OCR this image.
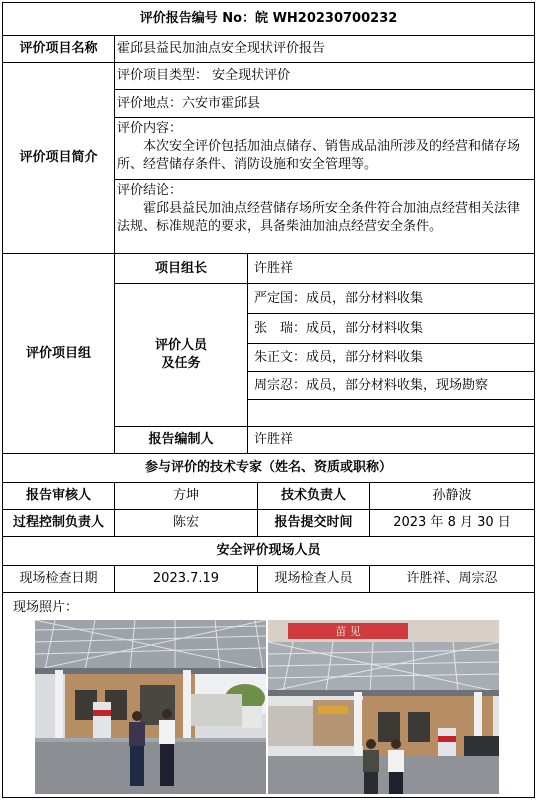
评价报告编号 No：皖 WH20230700232
评价项目名称	霍邱县益民加油点安全现状评价报告
评价项目简介
评价项目类型： 安全现状评价
评价地点：六安市霍邱县
评价内容：
本次安全评价包括加油点储存、销售成品油所涉及的经营和储存场所、经营储存条件、消防设施和安全管理等。
评价结论：
霍邱县益民加油点经营储存场所安全条件符合加油点经营相关法律法规、标准规范的要求，具备柴油加油点经营安全条件。
评价项目组
项目组长	许胜祥
评价人员
及任务
严定国：成员，部分材料收集
张　瑞：成员，部分材料收集
朱正文：成员，部分材料收集
周宗忍：成员，部分材料收集，现场勘察
报告编制人	许胜祥
参与评价的技术专家（姓名、资质或职称）
报告审核人	方坤	技术负责人	孙静波
过程控制负责人	陈宏	报告提交时间	2023 年 8 月 30 日
安全评价现场人员
现场检查日期	2023.7.19	现场检查人员	许胜祥、周宗忍
现场照片：
苗 见
